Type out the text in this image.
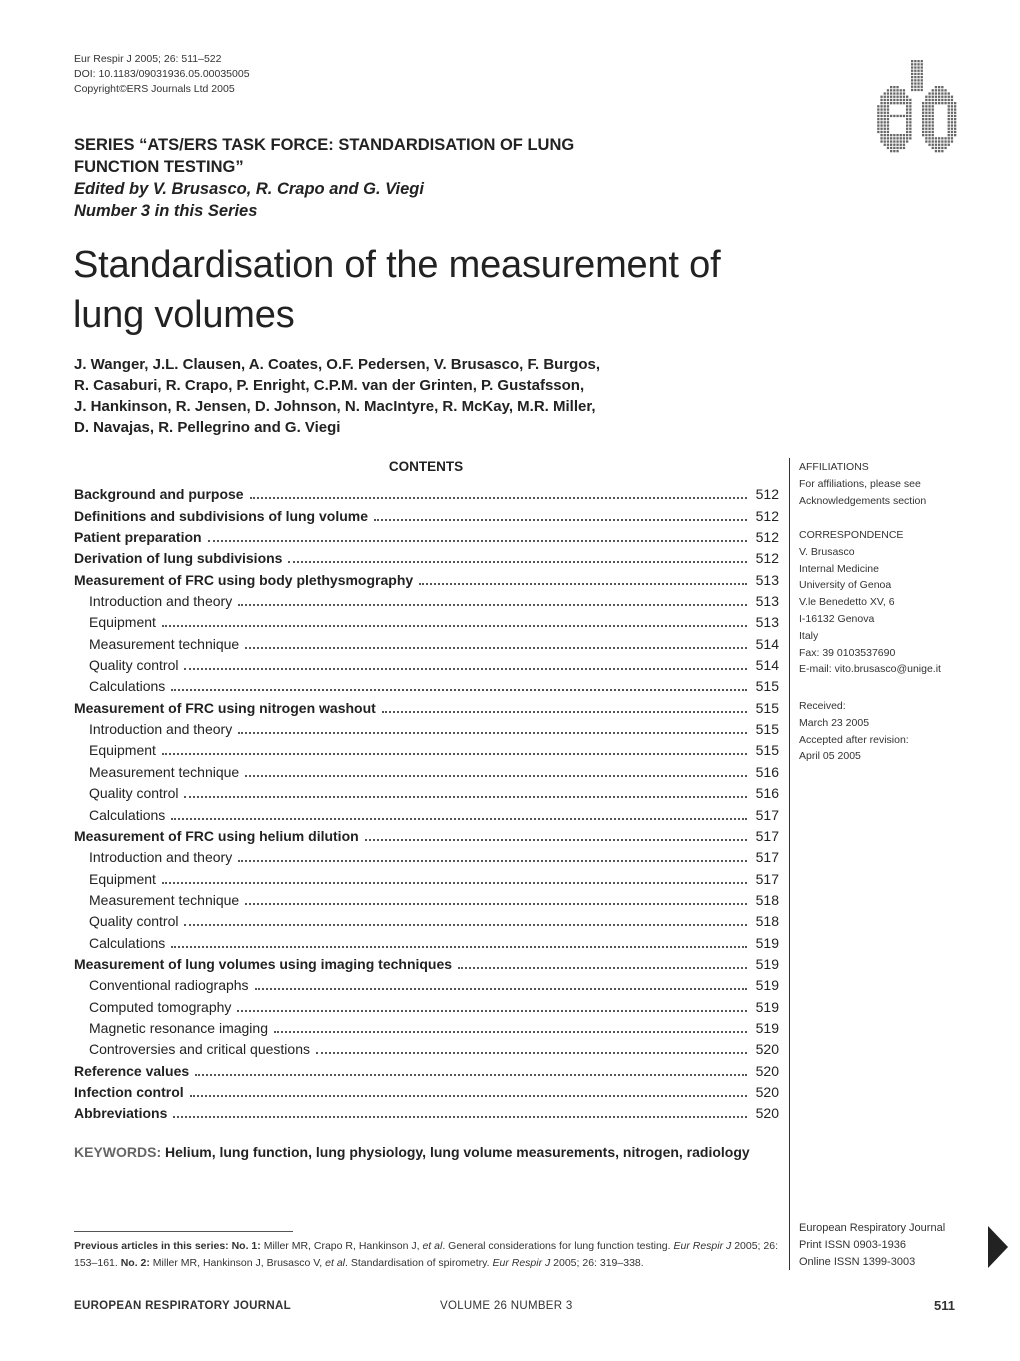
Eur Respir J 2005; 26: 511–522
DOI: 10.1183/09031936.05.00035005
Copyright©ERS Journals Ltd 2005
SERIES “ATS/ERS TASK FORCE: STANDARDISATION OF LUNG
FUNCTION TESTING”
Edited by V. Brusasco, R. Crapo and G. Viegi
Number 3 in this Series
Standardisation of the measurement of
lung volumes
J. Wanger, J.L. Clausen, A. Coates, O.F. Pedersen, V. Brusasco, F. Burgos,
R. Casaburi, R. Crapo, P. Enright, C.P.M. van der Grinten, P. Gustafsson,
J. Hankinson, R. Jensen, D. Johnson, N. MacIntyre, R. McKay, M.R. Miller,
D. Navajas, R. Pellegrino and G. Viegi
CONTENTS
Background and purpose	512
Definitions and subdivisions of lung volume	512
Patient preparation	512
Derivation of lung subdivisions	512
Measurement of FRC using body plethysmography	513
Introduction and theory	513
Equipment	513
Measurement technique	514
Quality control	514
Calculations	515
Measurement of FRC using nitrogen washout	515
Introduction and theory	515
Equipment	515
Measurement technique	516
Quality control	516
Calculations	517
Measurement of FRC using helium dilution	517
Introduction and theory	517
Equipment	517
Measurement technique	518
Quality control	518
Calculations	519
Measurement of lung volumes using imaging techniques	519
Conventional radiographs	519
Computed tomography	519
Magnetic resonance imaging	519
Controversies and critical questions	520
Reference values	520
Infection control	520
Abbreviations	520
KEYWORDS: Helium, lung function, lung physiology, lung volume measurements, nitrogen, radiology
AFFILIATIONS
For affiliations, please see
Acknowledgements section
CORRESPONDENCE
V. Brusasco
Internal Medicine
University of Genoa
V.le Benedetto XV, 6
I-16132 Genova
Italy
Fax: 39 0103537690
E-mail: vito.brusasco@unige.it
Received:
March 23 2005
Accepted after revision:
April 05 2005
European Respiratory Journal
Print ISSN 0903-1936
Online ISSN 1399-3003
Previous articles in this series: No. 1: Miller MR, Crapo R, Hankinson J, et al. General considerations for lung function testing. Eur Respir J 2005; 26: 153–161. No. 2: Miller MR, Hankinson J, Brusasco V, et al. Standardisation of spirometry. Eur Respir J 2005; 26: 319–338.
EUROPEAN RESPIRATORY JOURNAL	VOLUME 26 NUMBER 3	511
